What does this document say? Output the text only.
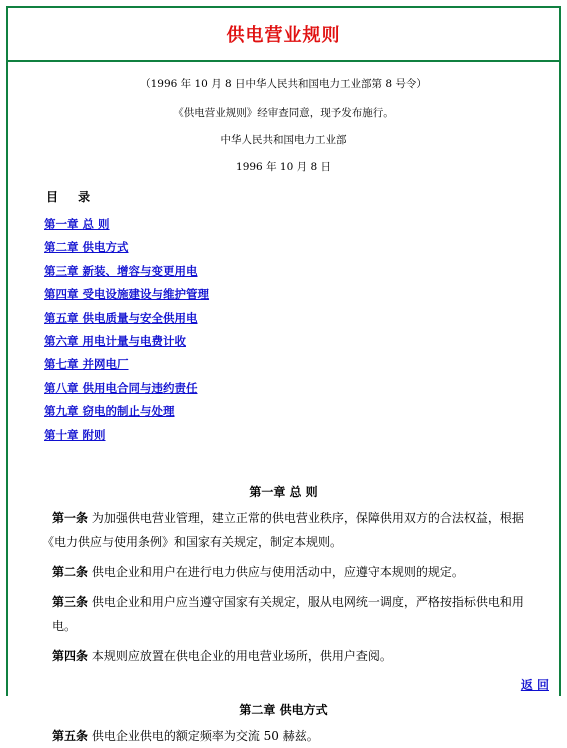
供电营业规则
（1996 年 10 月 8 日中华人民共和国电力工业部第 8 号令）
《供电营业规则》经审查同意，现予发布施行。
中华人民共和国电力工业部
1996 年 10 月 8 日
目 录
第一章 总 则
第二章 供电方式
第三章 新装、增容与变更用电
第四章 受电设施建设与维护管理
第五章 供电质量与安全供用电
第六章 用电计量与电费计收
第七章 并网电厂
第八章 供用电合同与违约责任
第九章 窃电的制止与处理
第十章 附则
第一章 总 则

第一条 为加强供电营业管理，建立正常的供电营业秩序，保障供用双方的合法权益，根据《电力供应与使用条例》和国家有关规定，制定本规则。

第二条 供电企业和用户在进行电力供应与使用活动中，应遵守本规则的规定。

第三条 供电企业和用户应当遵守国家有关规定，服从电网统一调度，严格按指标供电和用电。

第四条 本规则应放置在供电企业的用电营业场所，供用户查阅。

返 回
第二章 供电方式

第五条 供电企业供电的额定频率为交流 50 赫兹。
